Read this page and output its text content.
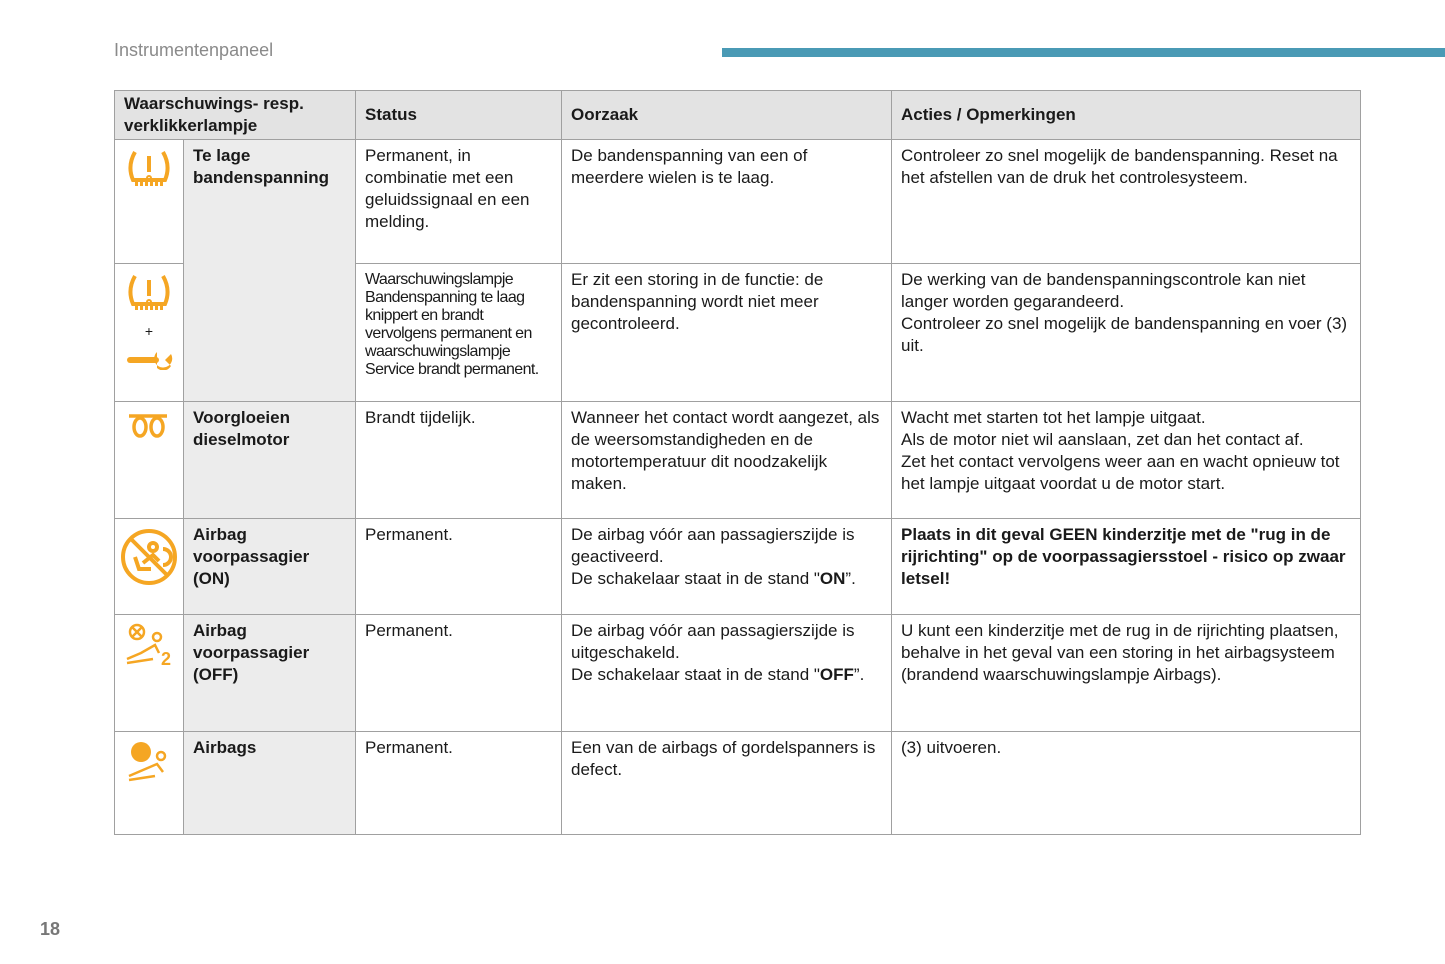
Instrumentenpaneel
18
Waarschuwings- resp. verklikkerlampje		Status	Oorzaak	Acties / Opmerkingen

	Te lage bandenspanning	Permanent, in combinatie met een geluidssignaal en een melding.	De bandenspanning van een of meerdere wielen is te laag.	Controleer zo snel mogelijk de bandenspanning. Reset na het afstellen van de druk het controlesysteem.

+		Waarschuwingslampje Bandenspanning te laag knippert en brandt vervolgens permanent en waarschuwingslampje Service brandt permanent.	Er zit een storing in de functie: de bandenspanning wordt niet meer gecontroleerd.	De werking van de bandenspanningscontrole kan niet langer worden gegarandeerd.
Controleer zo snel mogelijk de bandenspanning en voer (3) uit.

	Voorgloeien dieselmotor	Brandt tijdelijk.	Wanneer het contact wordt aangezet, als de weersomstandigheden en de motortemperatuur dit noodzakelijk maken.	Wacht met starten tot het lampje uitgaat.
Als de motor niet wil aanslaan, zet dan het contact af.
Zet het contact vervolgens weer aan en wacht opnieuw tot het lampje uitgaat voordat u de motor start.

	Airbag voorpassagier (ON)	Permanent.	De airbag vóór aan passagierszijde is geactiveerd.
De schakelaar staat in de stand "ON”.	Plaats in dit geval GEEN kinderzitje met de "rug in de rijrichting" op de voorpassagiersstoel - risico op zwaar letsel!

2	Airbag voorpassagier (OFF)	Permanent.	De airbag vóór aan passagierszijde is uitgeschakeld.
De schakelaar staat in de stand "OFF”.	U kunt een kinderzitje met de rug in de rijrichting plaatsen, behalve in het geval van een storing in het airbagsysteem (brandend waarschuwingslampje Airbags).

	Airbags	Permanent.	Een van de airbags of gordelspanners is defect.	(3) uitvoeren.
